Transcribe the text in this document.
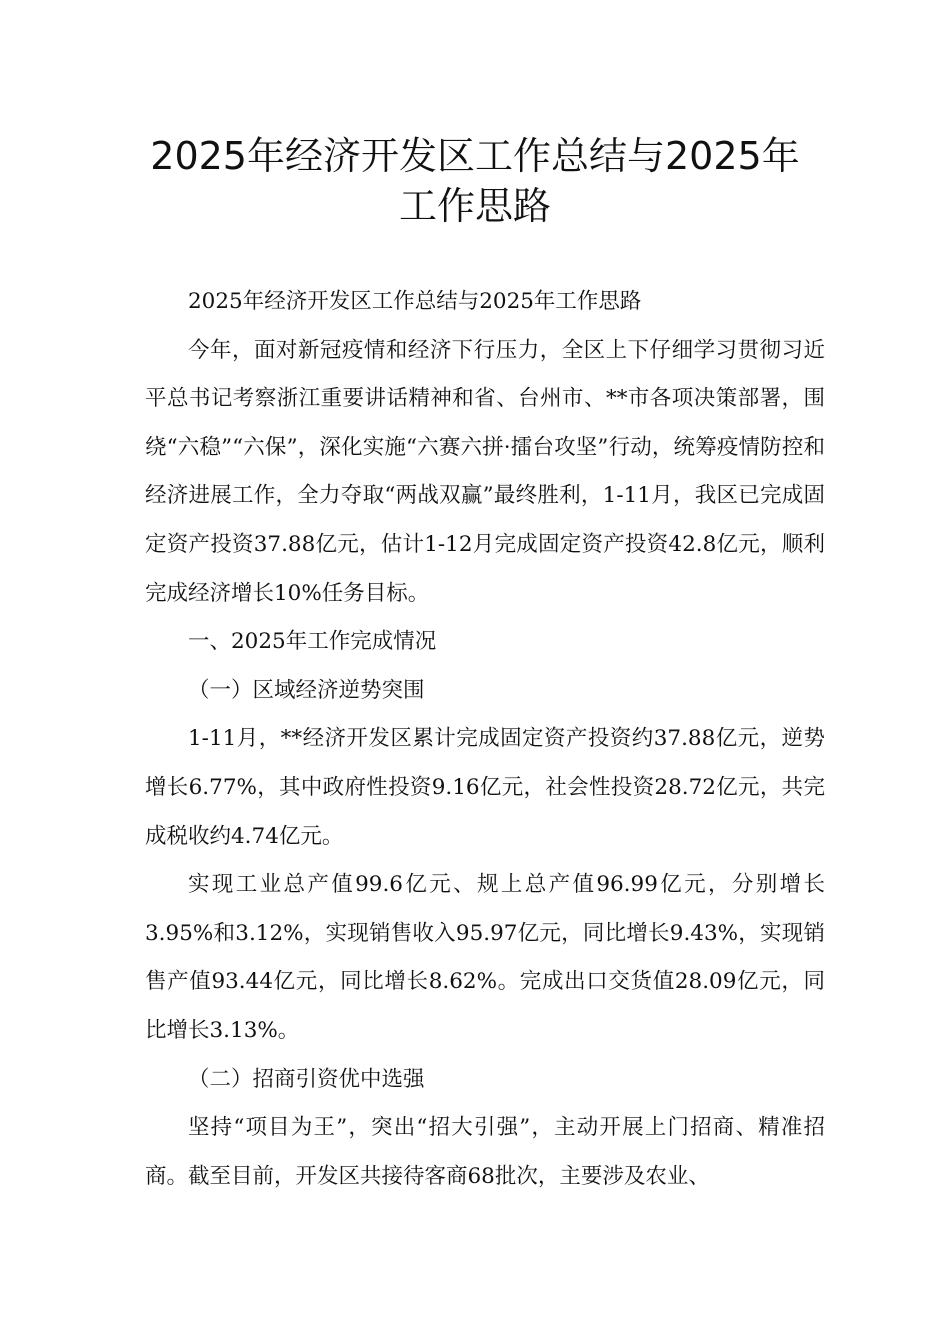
2025年经济开发区工作总结与2025年
工作思路

2025年经济开发区工作总结与2025年工作思路

今年，面对新冠疫情和经济下行压力，全区上下仔细学习贯彻习近平总书记考察浙江重要讲话精神和省、台州市、**市各项决策部署，围绕“六稳”“六保”，深化实施“六赛六拼·擂台攻坚”行动，统筹疫情防控和经济进展工作，全力夺取“两战双赢”最终胜利，1-11月，我区已完成固定资产投资37.88亿元，估计1-12月完成固定资产投资42.8亿元，顺利完成经济增长10%任务目标。

一、2025年工作完成情况

（一）区域经济逆势突围

1-11月，**经济开发区累计完成固定资产投资约37.88亿元，逆势增长6.77%，其中政府性投资9.16亿元，社会性投资28.72亿元，共完成税收约4.74亿元。

实现工业总产值99.6亿元、规上总产值96.99亿元，分别增长3.95%和3.12%，实现销售收入95.97亿元，同比增长9.43%，实现销售产值93.44亿元，同比增长8.62%。完成出口交货值28.09亿元，同比增长3.13%。

（二）招商引资优中选强

坚持“项目为王”，突出“招大引强”，主动开展上门招商、精准招商。截至目前，开发区共接待客商68批次，主要涉及农业、
